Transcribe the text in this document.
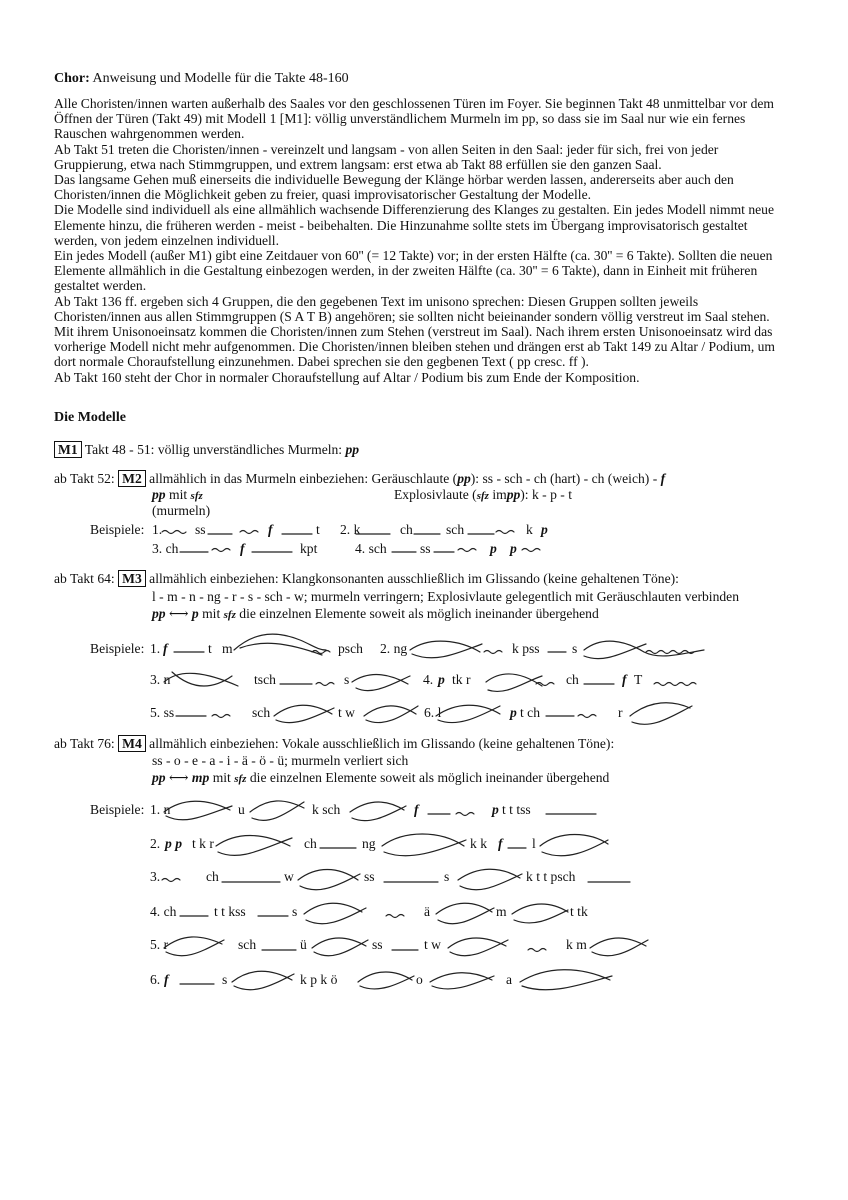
Chor: Anweisung und Modelle für die Takte 48-160

Alle Choristen/innen warten außerhalb des Saales vor den geschlossenen Türen im Foyer. Sie beginnen Takt 48 unmittelbar vor dem Öffnen der Türen (Takt 49) mit Modell 1 [M1]: völlig unverständlichem Murmeln im pp, so dass sie im Saal nur wie ein fernes Rauschen wahrgenommen werden.

Ab Takt 51 treten die Choristen/innen - vereinzelt und langsam - von allen Seiten in den Saal: jeder für sich, frei von jeder Gruppierung, etwa nach Stimmgruppen, und extrem langsam: erst etwa ab Takt 88 erfüllen sie den ganzen Saal.

Das langsame Gehen muß einerseits die individuelle Bewegung der Klänge hörbar werden lassen, andererseits aber auch den Choristen/innen die Möglichkeit geben zu freier, quasi improvisatorischer Gestaltung der Modelle.

Die Modelle sind individuell als eine allmählich wachsende Differenzierung des Klanges zu gestalten. Ein jedes Modell nimmt neue Elemente hinzu, die früheren werden - meist - beibehalten. Die Hinzunahme sollte stets im Übergang improvisatorisch gestaltet werden, von jedem einzelnen individuell.

Ein jedes Modell (außer M1) gibt eine Zeitdauer von 60'' (= 12 Takte) vor; in der ersten Hälfte (ca. 30'' = 6 Takte). Sollten die neuen Elemente allmählich in die Gestaltung einbezogen werden, in der zweiten Hälfte (ca. 30'' = 6 Takte), dann in Einheit mit früheren gestaltet werden.

Ab Takt 136 ff. ergeben sich 4 Gruppen, die den gegebenen Text im unisono sprechen: Diesen Gruppen sollten jeweils Choristen/innen aus allen Stimmgruppen (S A T B) angehören; sie sollten nicht beieinander sondern völlig verstreut im Saal stehen.

Mit ihrem Unisonoeinsatz kommen die Choristen/innen zum Stehen (verstreut im Saal). Nach ihrem ersten Unisonoeinsatz wird das vorherige Modell nicht mehr aufgenommen. Die Choristen/innen bleiben stehen und drängen erst ab Takt 149 zu Altar / Podium, um dort normale Choraufstellung einzunehmen. Dabei sprechen sie den gegbenen Text ( pp cresc. ff ).

Ab Takt 160 steht der Chor in normaler Choraufstellung auf Altar / Podium bis zum Ende der Komposition.

Die Modelle
M1 Takt 48 - 51: völlig unverständliches Murmeln: pp
ab Takt 52: M2 allmählich in das Murmeln einbeziehen: Geräuschlaute (pp): ss - sch - ch (hart) - ch (weich) - f
pp mit sfz	Explosivlaute (sfz impp): k - p - t
(murmeln)
Beispiele: 1. ss	f	t 2. k	ch sch	k p
3. ch	f	kpt	4. sch ss	p p
ab Takt 64: M3 allmählich einbeziehen: Klangkonsonanten ausschließlich im Glissando (keine gehaltenen Töne):
l - m - n - ng - r - s - sch - w; murmeln verringern; Explosivlaute gelegentlich mit Geräuschlauten verbinden
pp ⟷ p mit sfz die einzelnen Elemente soweit als möglich ineinander übergehend
Beispiele: 1. f	t m	psch 2. ng	k pss s
3. n	tsch	s	4. p tk r	ch	f T
5. ss	sch	t w	6. l	p t ch	r
ab Takt 76: M4 allmählich einbeziehen: Vokale ausschließlich im Glissando (keine gehaltenen Töne):
ss - o - e - a - i - ä - ö - ü; murmeln verliert sich
pp ⟷ mp mit sfz die einzelnen Elemente soweit als möglich ineinander übergehend
Beispiele: 1. n	u	k sch	f	p t t tss
2. p p t k r	ch	ng	k k f l
3.	ch	w	ss	s	k t t psch
4. ch	t t kss	s	ä	m	t tk
5. r	sch	ü	ss	t w	k m
6. f	s	k p k ö	o	a
